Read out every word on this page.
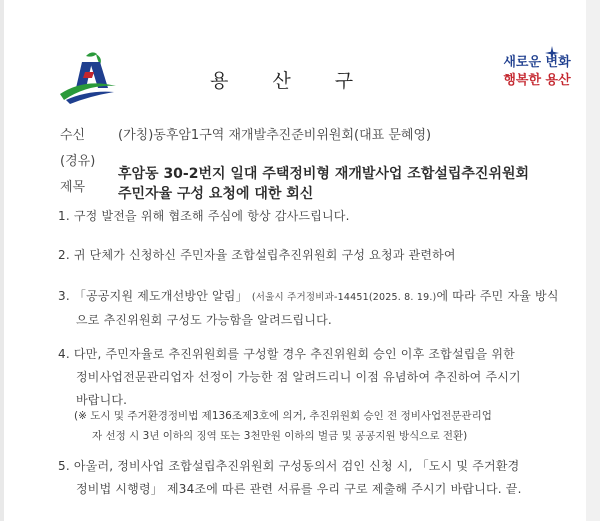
용 산 구
새로운 변화
행복한 용산
수신	(가칭)동후암1구역 재개발추진준비위원회(대표 문혜영)
(경유)
제목
후암동 30-2번지 일대 주택정비형 재개발사업 조합설립추진위원회
주민자율 구성 요청에 대한 회신
1. 구정 발전을 위해 협조해 주심에 항상 감사드립니다.
2. 귀 단체가 신청하신 주민자율 조합설립추진위원회 구성 요청과 관련하여
3. 「공공지원 제도개선방안 알림」 (서울시 주거정비과-14451(2025. 8. 19.)에 따라 주민 자율 방식
으로 추진위원회 구성도 가능함을 알려드립니다.
4. 다만, 주민자율로 추진위원회를 구성할 경우 추진위원회 승인 이후 조합설립을 위한
정비사업전문관리업자 선정이 가능한 점 알려드리니 이점 유념하여 추진하여 주시기
바랍니다.
(※ 도시 및 주거환경정비법 제136조제3호에 의거, 추진위원회 승인 전 정비사업전문관리업
자 선정 시 3년 이하의 징역 또는 3천만원 이하의 벌금 및 공공지원 방식으로 전환)
5. 아울러, 정비사업 조합설립추진위원회 구성동의서 검인 신청 시, 「도시 및 주거환경
정비법 시행령」 제34조에 따른 관련 서류를 우리 구로 제출해 주시기 바랍니다. 끝.
